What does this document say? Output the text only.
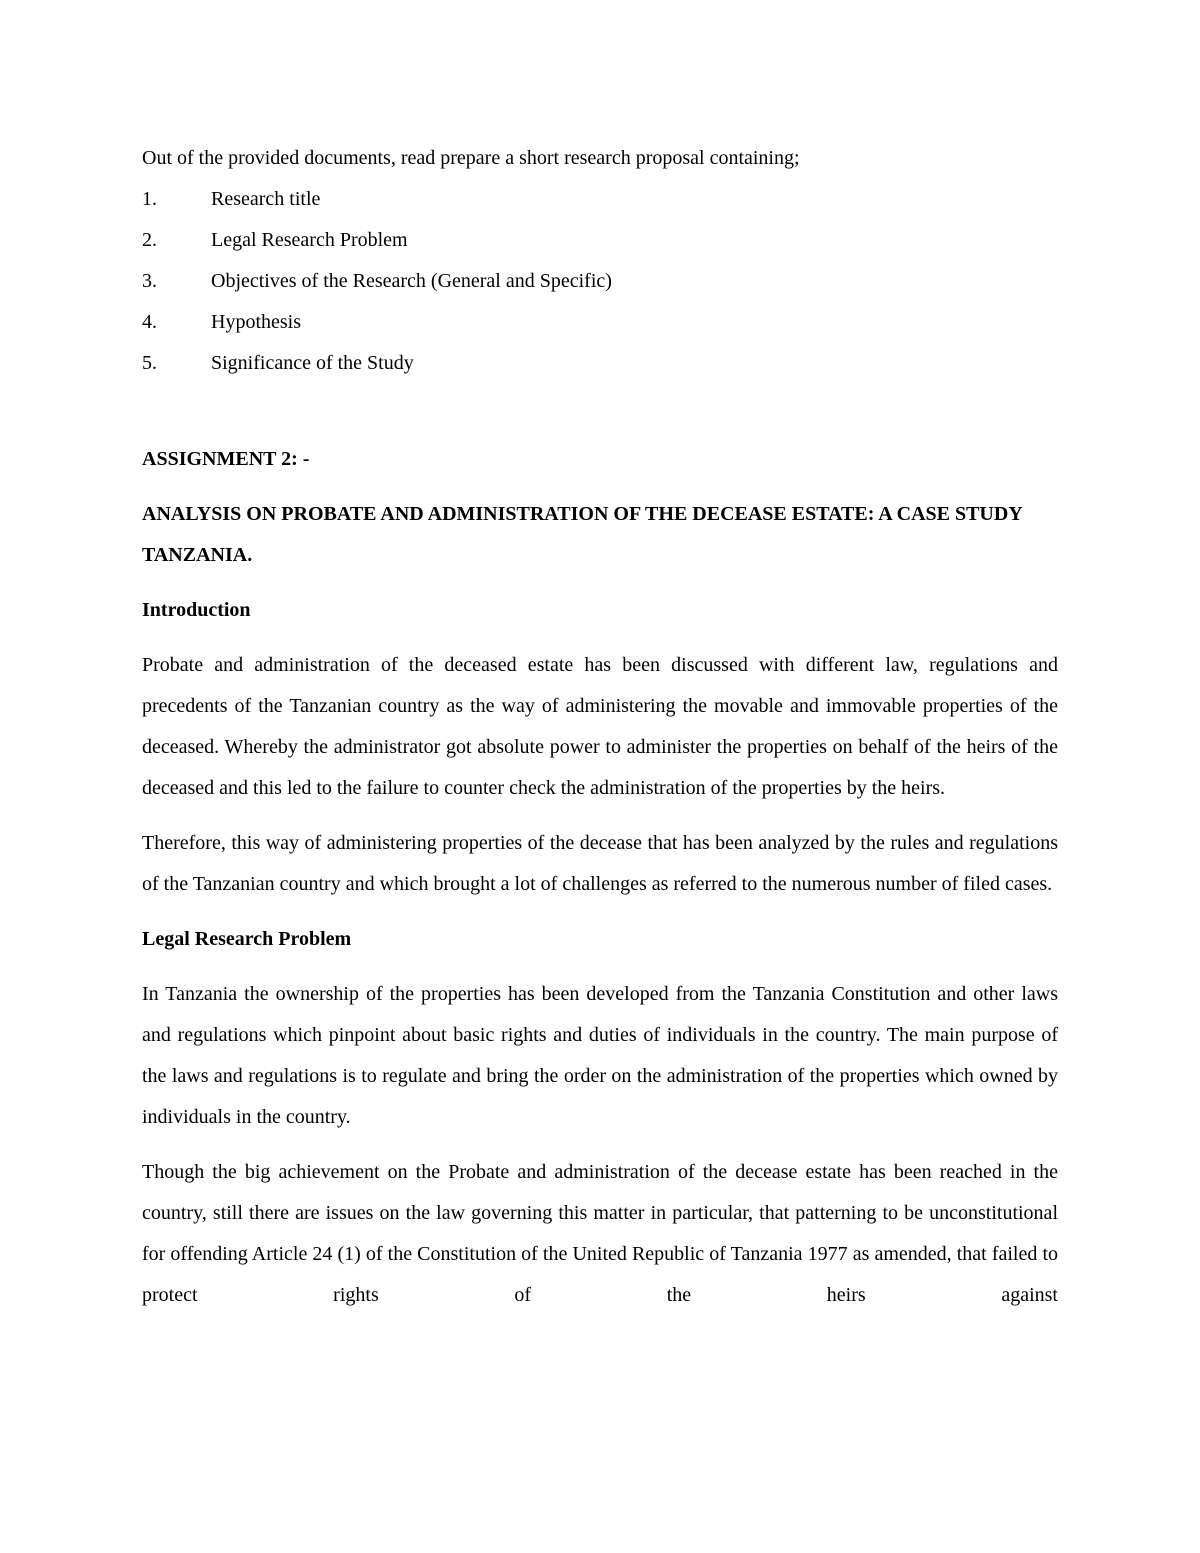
Out of the provided documents, read prepare a short research proposal containing;

1.	Research title
2.	Legal Research Problem
3.	Objectives of the Research (General and Specific)
4.	Hypothesis
5.	Significance of the Study

ASSIGNMENT 2: -

ANALYSIS ON PROBATE AND ADMINISTRATION OF THE DECEASE ESTATE: A CASE STUDY TANZANIA.

Introduction

Probate and administration of the deceased estate has been discussed with different law, regulations and precedents of the Tanzanian country as the way of administering the movable and immovable properties of the deceased. Whereby the administrator got absolute power to administer the properties on behalf of the heirs of the deceased and this led to the failure to counter check the administration of the properties by the heirs.

Therefore, this way of administering properties of the decease that has been analyzed by the rules and regulations of the Tanzanian country and which brought a lot of challenges as referred to the numerous number of filed cases.

Legal Research Problem

In Tanzania the ownership of the properties has been developed from the Tanzania Constitution and other laws and regulations which pinpoint about basic rights and duties of individuals in the country. The main purpose of the laws and regulations is to regulate and bring the order on the administration of the properties which owned by individuals in the country.

Though the big achievement on the Probate and administration of the decease estate has been reached in the country, still there are issues on the law governing this matter in particular, that patterning to be unconstitutional for offending Article 24 (1) of the Constitution of the United Republic of Tanzania 1977 as amended, that failed to protect rights of the heirs against
